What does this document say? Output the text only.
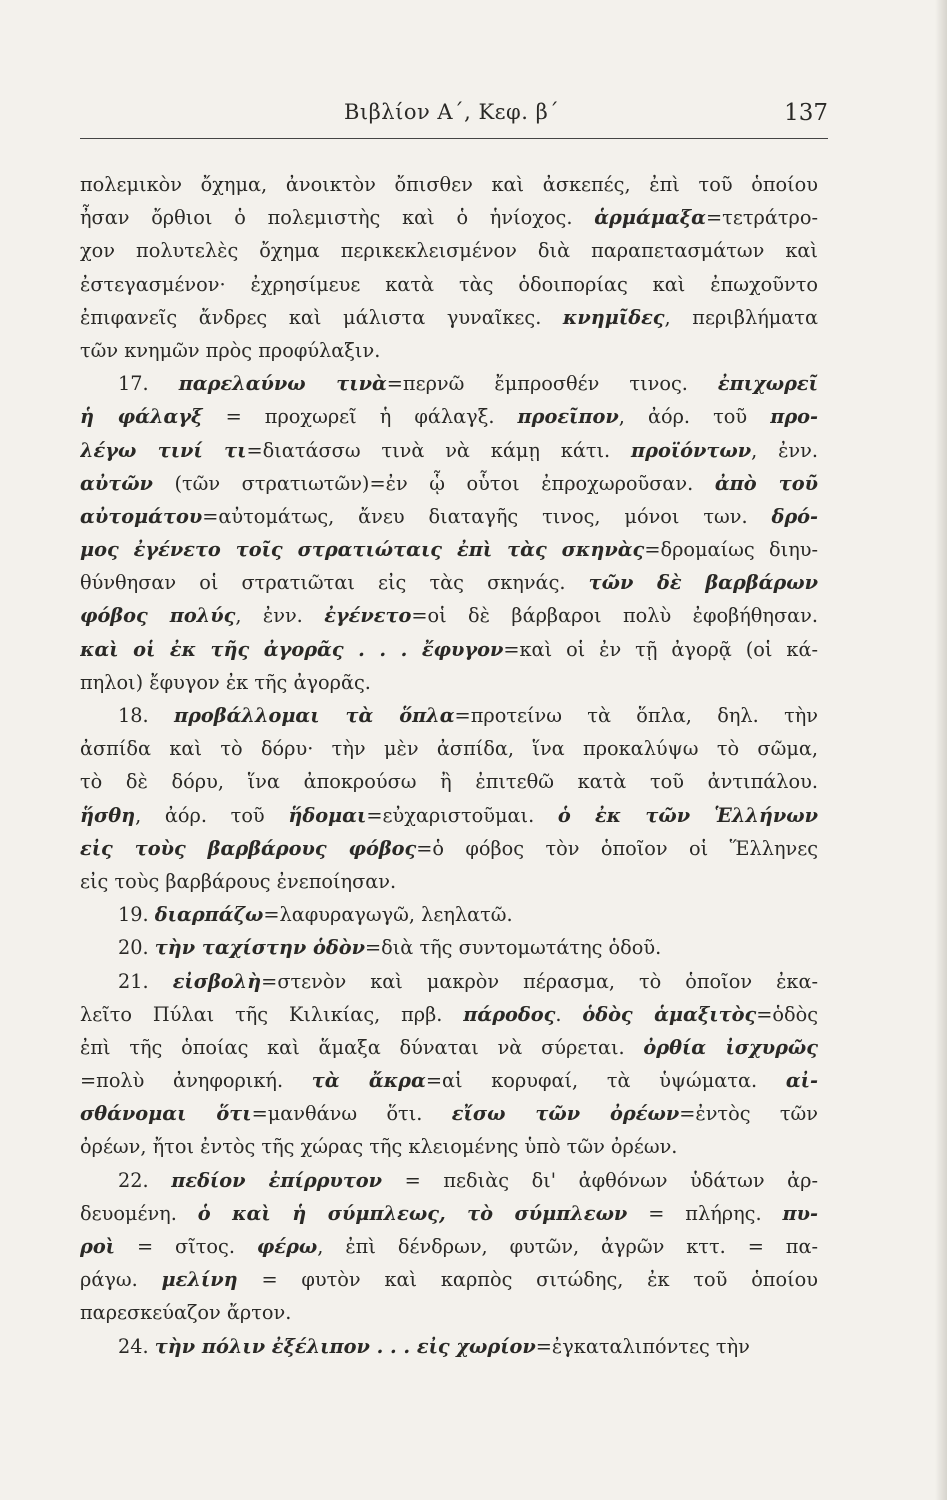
Βιβλίον Α΄, Κεφ. β΄	137
πολεμικὸν ὄχημα, ἀνοικτὸν ὄπισθεν καὶ ἀσκεπές, ἐπὶ τοῦ ὁποίου
ἦσαν ὄρθιοι ὁ πολεμιστὴς καὶ ὁ ἡνίοχος. ἁρμάμαξα=τετράτρο-
χον πολυτελὲς ὄχημα περικεκλεισμένον διὰ παραπετασμάτων καὶ
ἐστεγασμένον· ἐχρησίμευε κατὰ τὰς ὁδοιπορίας καὶ ἐπωχοῦντο
ἐπιφανεῖς ἄνδρες καὶ μάλιστα γυναῖκες. κνημῖδες, περιβλήματα
τῶν κνημῶν πρὸς προφύλαξιν.
17. παρελαύνω τινὰ=περνῶ ἔμπροσθέν τινος. ἐπιχωρεῖ
ἡ φάλαγξ = προχωρεῖ ἡ φάλαγξ. προεῖπον, ἀόρ. τοῦ προ-
λέγω τινί τι=διατάσσω τινὰ νὰ κάμῃ κάτι. προϊόντων, ἐνν.
αὐτῶν (τῶν στρατιωτῶν)=ἐν ᾧ οὗτοι ἐπροχωροῦσαν. ἀπὸ τοῦ
αὐτομάτου=αὐτομάτως, ἄνευ διαταγῆς τινος, μόνοι των. δρό-
μος ἐγένετο τοῖς στρατιώταις ἐπὶ τὰς σκηνὰς=δρομαίως διηυ-
θύνθησαν οἱ στρατιῶται εἰς τὰς σκηνάς. τῶν δὲ βαρβάρων
φόβος πολύς, ἐνν. ἐγένετο=οἱ δὲ βάρβαροι πολὺ ἐφοβήθησαν.
καὶ οἱ ἐκ τῆς ἀγορᾶς . . . ἔφυγον=καὶ οἱ ἐν τῇ ἀγορᾷ (οἱ κά-
πηλοι) ἔφυγον ἐκ τῆς ἀγορᾶς.
18. προβάλλομαι τὰ ὅπλα=προτείνω τὰ ὅπλα, δηλ. τὴν
ἀσπίδα καὶ τὸ δόρυ· τὴν μὲν ἀσπίδα, ἵνα προκαλύψω τὸ σῶμα,
τὸ δὲ δόρυ, ἵνα ἀποκρούσω ἢ ἐπιτεθῶ κατὰ τοῦ ἀντιπάλου.
ἥσθη, ἀόρ. τοῦ ἥδομαι=εὐχαριστοῦμαι. ὁ ἐκ τῶν Ἑλλήνων
εἰς τοὺς βαρβάρους φόβος=ὁ φόβος τὸν ὁποῖον οἱ Ἕλληνες
εἰς τοὺς βαρβάρους ἐνεποίησαν.
19. διαρπάζω=λαφυραγωγῶ, λεηλατῶ.
20. τὴν ταχίστην ὁδὸν=διὰ τῆς συντομωτάτης ὁδοῦ.
21. εἰσβολὴ=στενὸν καὶ μακρὸν πέρασμα, τὸ ὁποῖον ἐκα-
λεῖτο Πύλαι τῆς Κιλικίας, πρβ. πάροδος. ὁδὸς ἁμαξιτὸς=ὁδὸς
ἐπὶ τῆς ὁποίας καὶ ἅμαξα δύναται νὰ σύρεται. ὀρθία ἰσχυρῶς
=πολὺ ἀνηφορική. τὰ ἄκρα=αἱ κορυφαί, τὰ ὑψώματα. αἰ-
σθάνομαι ὅτι=μανθάνω ὅτι. εἴσω τῶν ὀρέων=ἐντὸς τῶν
ὀρέων, ἤτοι ἐντὸς τῆς χώρας τῆς κλειομένης ὑπὸ τῶν ὀρέων.
22. πεδίον ἐπίρρυτον = πεδιὰς δι' ἀφθόνων ὑδάτων ἀρ-
δευομένη. ὁ καὶ ἡ σύμπλεως, τὸ σύμπλεων = πλήρης. πυ-
ροὶ = σῖτος. φέρω, ἐπὶ δένδρων, φυτῶν, ἀγρῶν κττ. = πα-
ράγω. μελίνη = φυτὸν καὶ καρπὸς σιτώδης, ἐκ τοῦ ὁποίου
παρεσκεύαζον ἄρτον.
24. τὴν πόλιν ἐξέλιπον . . . εἰς χωρίον=ἐγκαταλιπόντες τὴν
